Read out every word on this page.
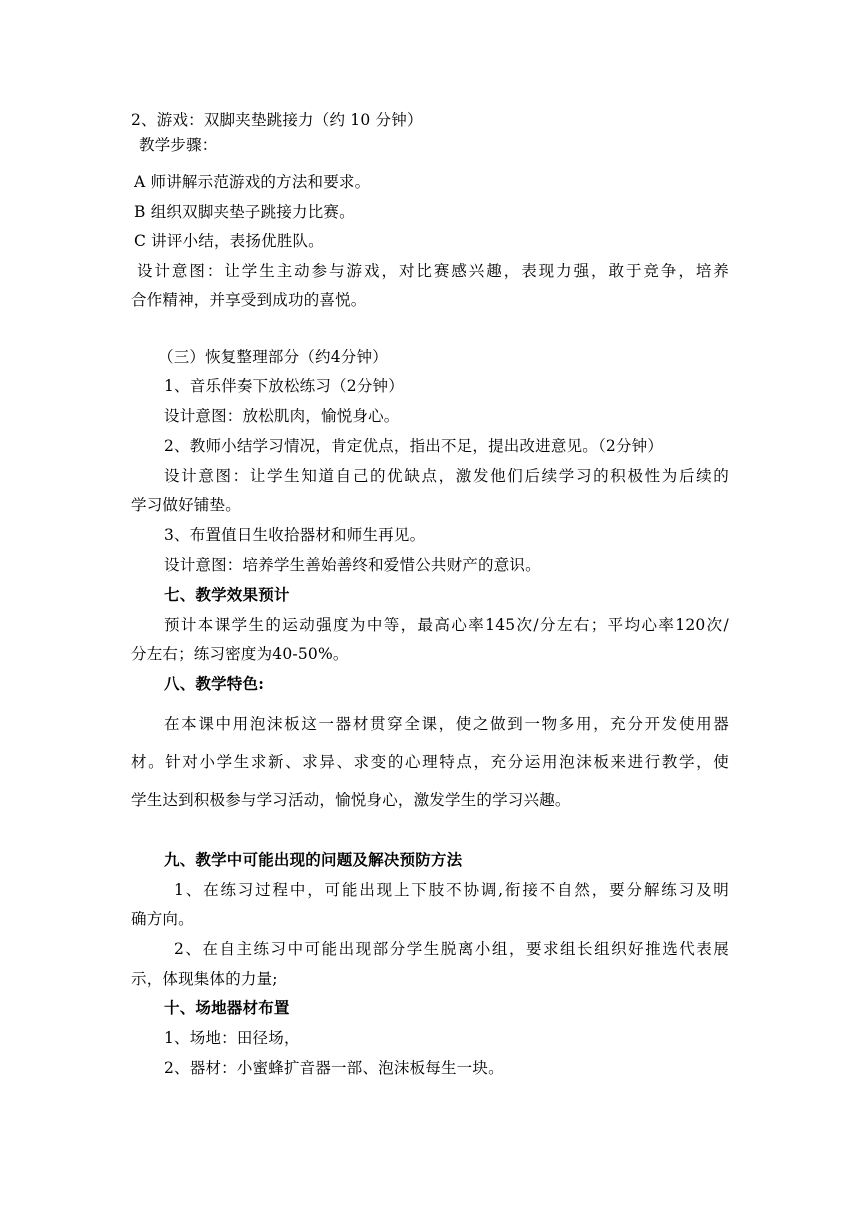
2、游戏：双脚夹垫跳接力（约 10 分钟）
教学步骤：
A 师讲解示范游戏的方法和要求。
B 组织双脚夹垫子跳接力比赛。
C 讲评小结，表扬优胜队。
设计意图：让学生主动参与游戏，对比赛感兴趣，表现力强，敢于竞争，培养
合作精神，并享受到成功的喜悦。
（三）恢复整理部分（约4分钟）
1、音乐伴奏下放松练习（2分钟）
设计意图：放松肌肉，愉悦身心。
2、教师小结学习情况，肯定优点，指出不足，提出改进意见。（2分钟）
设计意图：让学生知道自己的优缺点，激发他们后续学习的积极性为后续的
学习做好铺垫。
3、布置值日生收拾器材和师生再见。
设计意图：培养学生善始善终和爱惜公共财产的意识。
七、教学效果预计
预计本课学生的运动强度为中等，最高心率145次/分左右；平均心率120次/
分左右；练习密度为40-50%。
八、教学特色:
在本课中用泡沫板这一器材贯穿全课，使之做到一物多用，充分开发使用器
材。针对小学生求新、求异、求变的心理特点，充分运用泡沫板来进行教学，使
学生达到积极参与学习活动，愉悦身心，激发学生的学习兴趣。
九、教学中可能出现的问题及解决预防方法
1、在练习过程中，可能出现上下肢不协调,衔接不自然，要分解练习及明
确方向。
2、在自主练习中可能出现部分学生脱离小组，要求组长组织好推选代表展
示，体现集体的力量;
十、场地器材布置
1、场地：田径场，
2、器材：小蜜蜂扩音器一部、泡沫板每生一块。
